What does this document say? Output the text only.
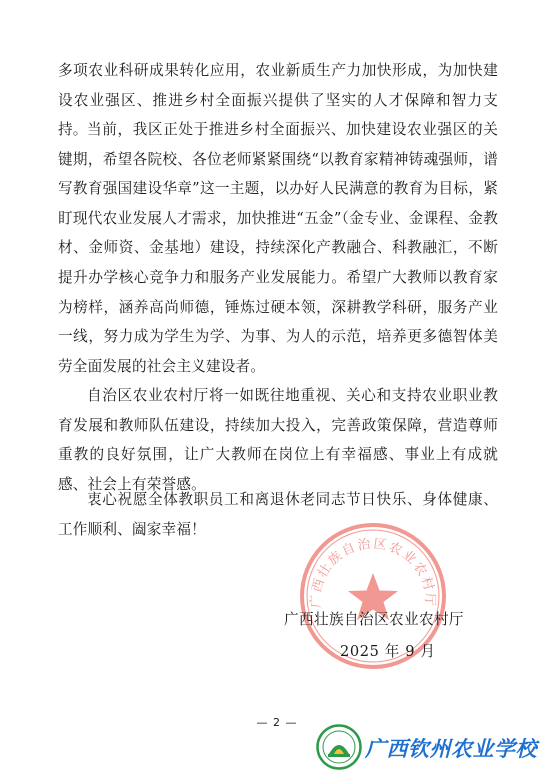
多项农业科研成果转化应用，农业新质生产力加快形成，为加快建设农业强区、推进乡村全面振兴提供了坚实的人才保障和智力支持。 当前，我区正处于推进乡村全面振兴、加快建设农业强区的关键期，希望各院校、各位老师紧紧围绕“以教育家精神铸魂强师，谱写教育强国建设华章”这一主题，以办好人民满意的教育为目标，紧盯现代农业发展人才需求，加快推进“五金”（金专业、金课程、金教材、金师资、金基地）建设，持续深化产教融合、科教融汇，不断提升办学核心竞争力和服务产业发展能力。希望广大教师以教育家为榜样，涵养高尚师德，锤炼过硬本领，深耕教学科研，服务产业一线，努力成为学生为学、为事、为人的示范，培养更多德智体美劳全面发展的社会主义建设者。

自治区农业农村厅将一如既往地重视、关心和支持农业职业教育发展和教师队伍建设，持续加大投入，完善政策保障，营造尊师重教的良好氛围，让广大教师在岗位上有幸福感、事业上有成就感、社会上有荣誉感。

衷心祝愿全体教职员工和离退休老同志节日快乐、身体健康、工作顺利、阖家幸福！

广西壮族自治区农业农村厅
广西壮族自治区农业农村厅
2025 年 9 月
— 2 —
广西钦州农业学校
